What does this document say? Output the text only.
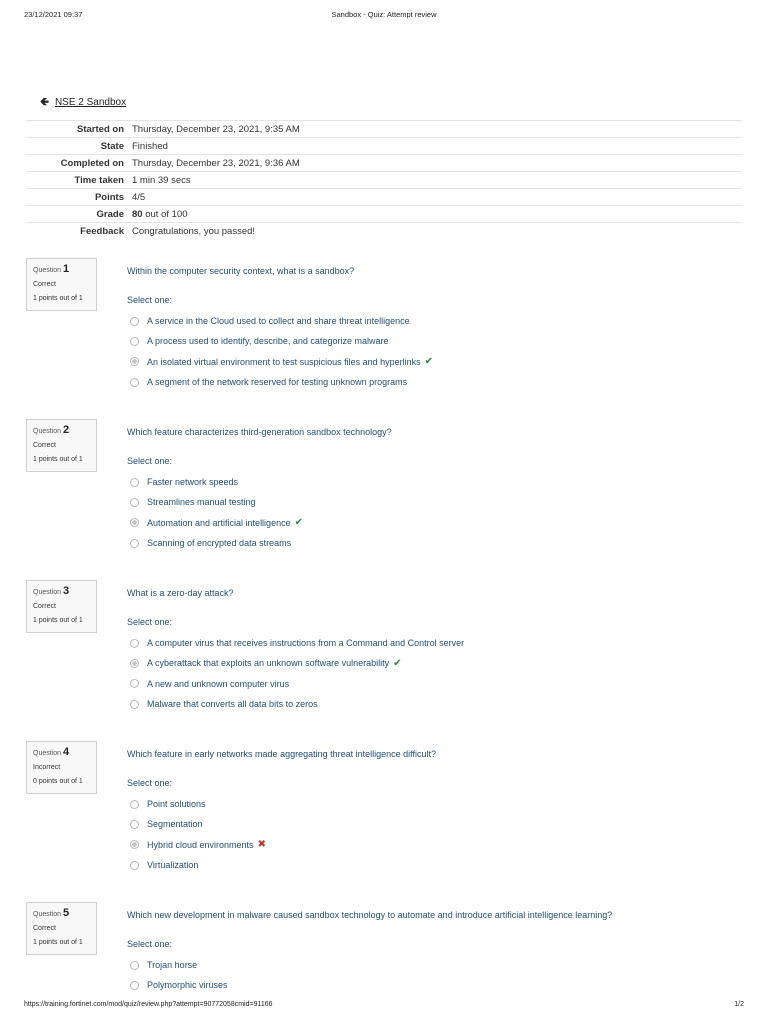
23/12/2021 09:37	Sandbox - Quiz: Attempt review
🡸 NSE 2 Sandbox
Started on	Thursday, December 23, 2021, 9:35 AM
State	Finished
Completed on	Thursday, December 23, 2021, 9:36 AM
Time taken	1 min 39 secs
Points	4/5
Grade	80 out of 100
Feedback	Congratulations, you passed!
Question 1
Correct
1 points out of 1
Within the computer security context, what is a sandbox?
Select one:
A service in the Cloud used to collect and share threat intelligence
A process used to identify, describe, and categorize malware
An isolated virtual environment to test suspicious files and hyperlinks ✔
A segment of the network reserved for testing unknown programs
Question 2
Correct
1 points out of 1
Which feature characterizes third-generation sandbox technology?
Select one:
Faster network speeds
Streamlines manual testing
Automation and artificial intelligence ✔
Scanning of encrypted data streams
Question 3
Correct
1 points out of 1
What is a zero-day attack?
Select one:
A computer virus that receives instructions from a Command and Control server
A cyberattack that exploits an unknown software vulnerability ✔
A new and unknown computer virus
Malware that converts all data bits to zeros
Question 4
Incorrect
0 points out of 1
Which feature in early networks made aggregating threat intelligence difficult?
Select one:
Point solutions
Segmentation
Hybrid cloud environments ✖
Virtualization
Question 5
Correct
1 points out of 1
Which new development in malware caused sandbox technology to automate and introduce artificial intelligence learning?
Select one:
Trojan horse
Polymorphic viruses
https://training.fortinet.com/mod/quiz/review.php?attempt=90772058cmid=91166	1/2
